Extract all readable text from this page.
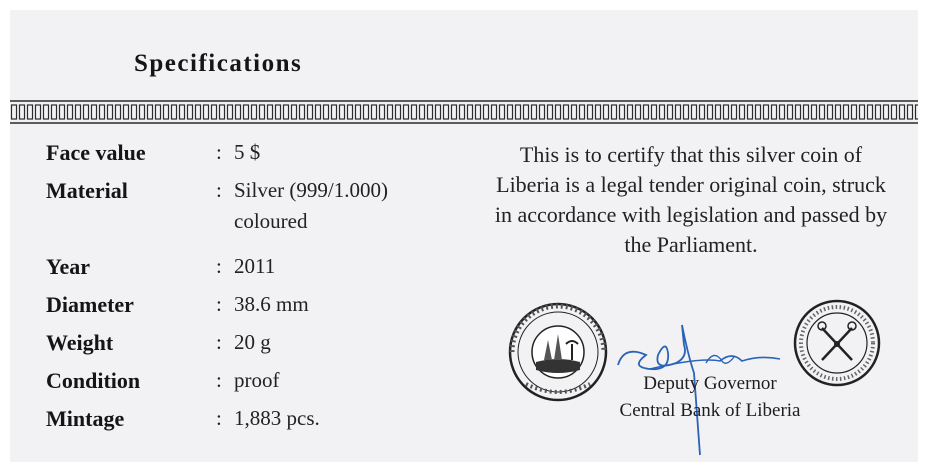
Specifications
Face value	: 5 $
Material	: Silver (999/1.000)
coloured
Year	: 2011
Diameter	: 38.6 mm
Weight	: 20 g
Condition	: proof
Mintage	: 1,883 pcs.
This is to certify that this silver coin of
Liberia is a legal tender original coin, struck
in accordance with legislation and passed by
the Parliament.
Deputy Governor
Central Bank of Liberia
